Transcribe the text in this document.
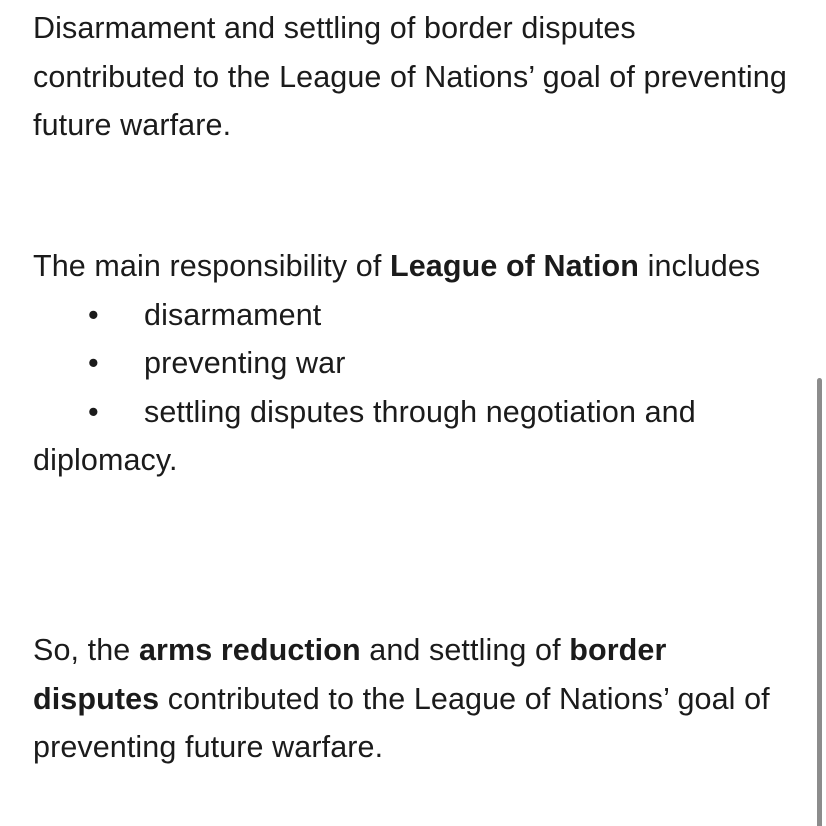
Disarmament and settling of border disputes contributed to the League of Nations’ goal of preventing future warfare.

The main responsibility of League of Nation includes
• disarmament
• preventing war
• settling disputes through negotiation and
diplomacy.

So, the arms reduction and settling of border disputes contributed to the League of Nations’ goal of preventing future warfare.
